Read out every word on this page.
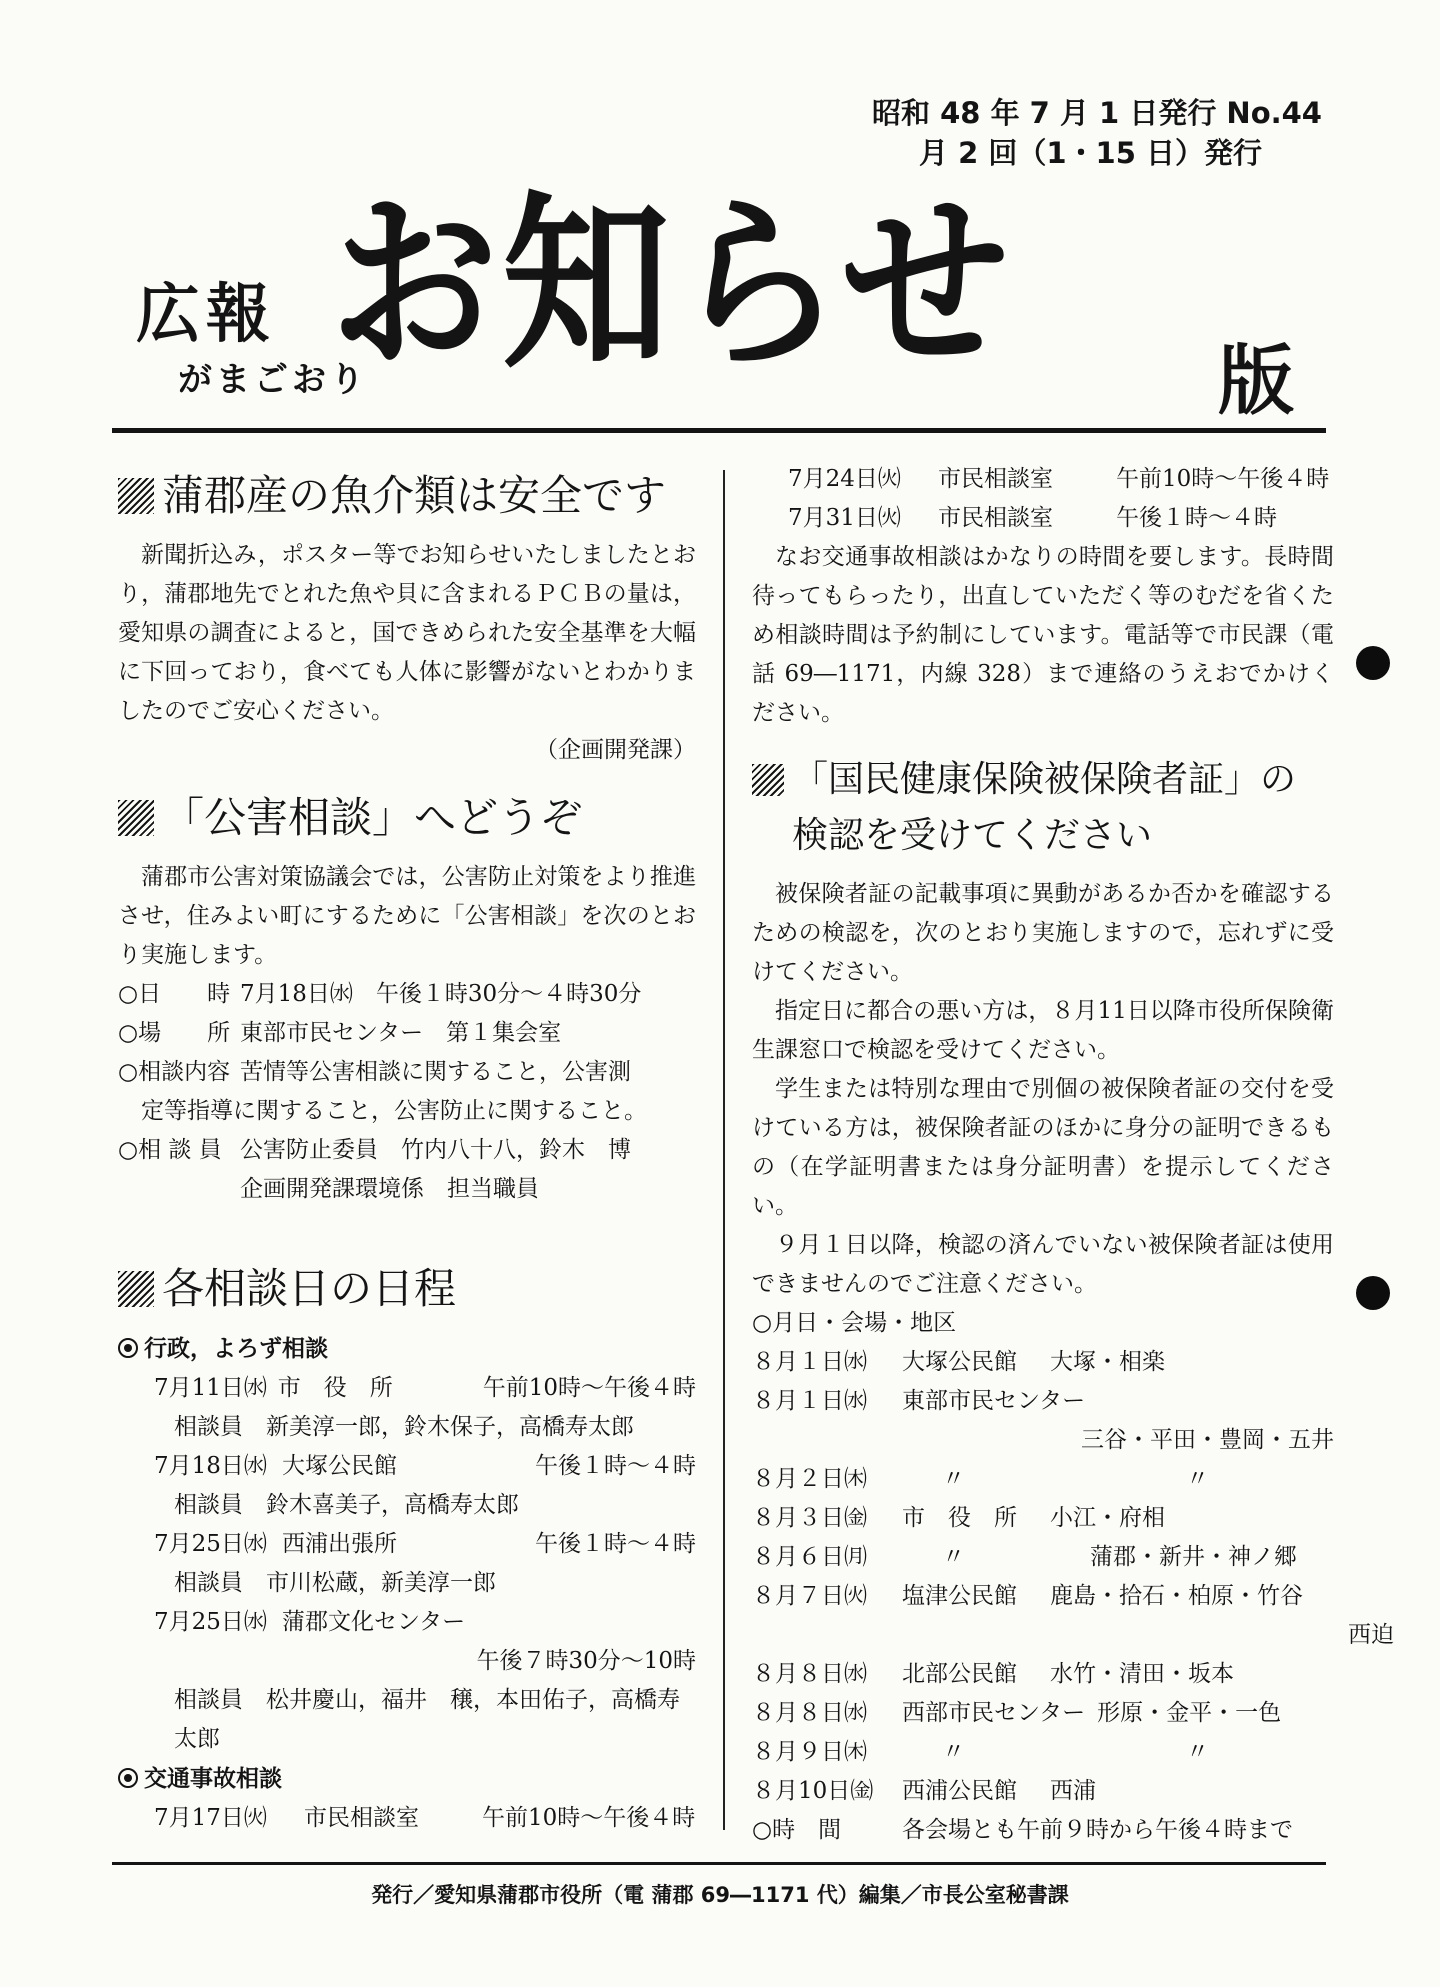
昭和 48 年 7 月 1 日発行 No.44
月 2 回（1・15 日）発行
広報
がまごおり
お知らせ	版
蒲郡産の魚介類は安全です

新聞折込み，ポスター等でお知らせいたしましたとおり，蒲郡地先でとれた魚や貝に含まれるＰＣＢの量は，愛知県の調査によると，国できめられた安全基準を大幅に下回っており，食べても人体に影響がないとわかりましたのでご安心ください。

（企画開発課）
「公害相談」へどうぞ

蒲郡市公害対策協議会では，公害防止対策をより推進させ，住みよい町にするために「公害相談」を次のとおり実施します。

○日　　時 7月18日㈬　午後１時30分～４時30分
○場　　所 東部市民センター　第１集会室
○相談内容 苦情等公害相談に関すること，公害測
定等指導に関すること，公害防止に関すること。
○相 談 員 公害防止委員　竹内八十八，鈴木　博
企画開発課環境係　担当職員
各相談日の日程
行政，よろず相談
7月11日㈬ 市　役　所	午前10時～午後４時
相談員　新美淳一郎，鈴木保子，高橋寿太郎
7月18日㈬ 大塚公民館	午後１時～４時
相談員　鈴木喜美子，高橋寿太郎
7月25日㈬ 西浦出張所	午後１時～４時
相談員　市川松蔵，新美淳一郎
7月25日㈬ 蒲郡文化センター
午後７時30分～10時
相談員　松井慶山，福井　穣，本田佑子，高橋寿太郎
交通事故相談
7月17日㈫	市民相談室	午前10時～午後４時
7月24日㈫	市民相談室	午前10時～午後４時
7月31日㈫	市民相談室	午後１時～４時

なお交通事故相談はかなりの時間を要します。長時間待ってもらったり，出直していただく等のむだを省くため相談時間は予約制にしています。電話等で市民課（電話 69―1171，内線 328）まで連絡のうえおでかけください。

「国民健康保険被保険者証」の
検認を受けてください

被保険者証の記載事項に異動があるか否かを確認するための検認を，次のとおり実施しますので，忘れずに受けてください。

指定日に都合の悪い方は，８月11日以降市役所保険衛生課窓口で検認を受けてください。

学生または特別な理由で別個の被保険者証の交付を受けている方は，被保険者証のほかに身分の証明できるもの（在学証明書または身分証明書）を提示してください。

９月１日以降，検認の済んでいない被保険者証は使用できませんのでご注意ください。

○月日・会場・地区
８月１日㈬	大塚公民館	大塚・相楽
８月１日㈬	東部市民センター
三谷・平田・豊岡・五井
８月２日㈭	〃	〃
８月３日㈮	市　役　所	小江・府相
８月６日㈪	〃	蒲郡・新井・神ノ郷
８月７日㈫	塩津公民館	鹿島・拾石・柏原・竹谷
西迫
８月８日㈬	北部公民館	水竹・清田・坂本
８月８日㈬	西部市民センター 形原・金平・一色
８月９日㈭	〃	〃
８月10日㈮	西浦公民館	西浦
○時　間	各会場とも午前９時から午後４時まで
発行／愛知県蒲郡市役所（電 蒲郡 69―1171 代）編集／市長公室秘書課
